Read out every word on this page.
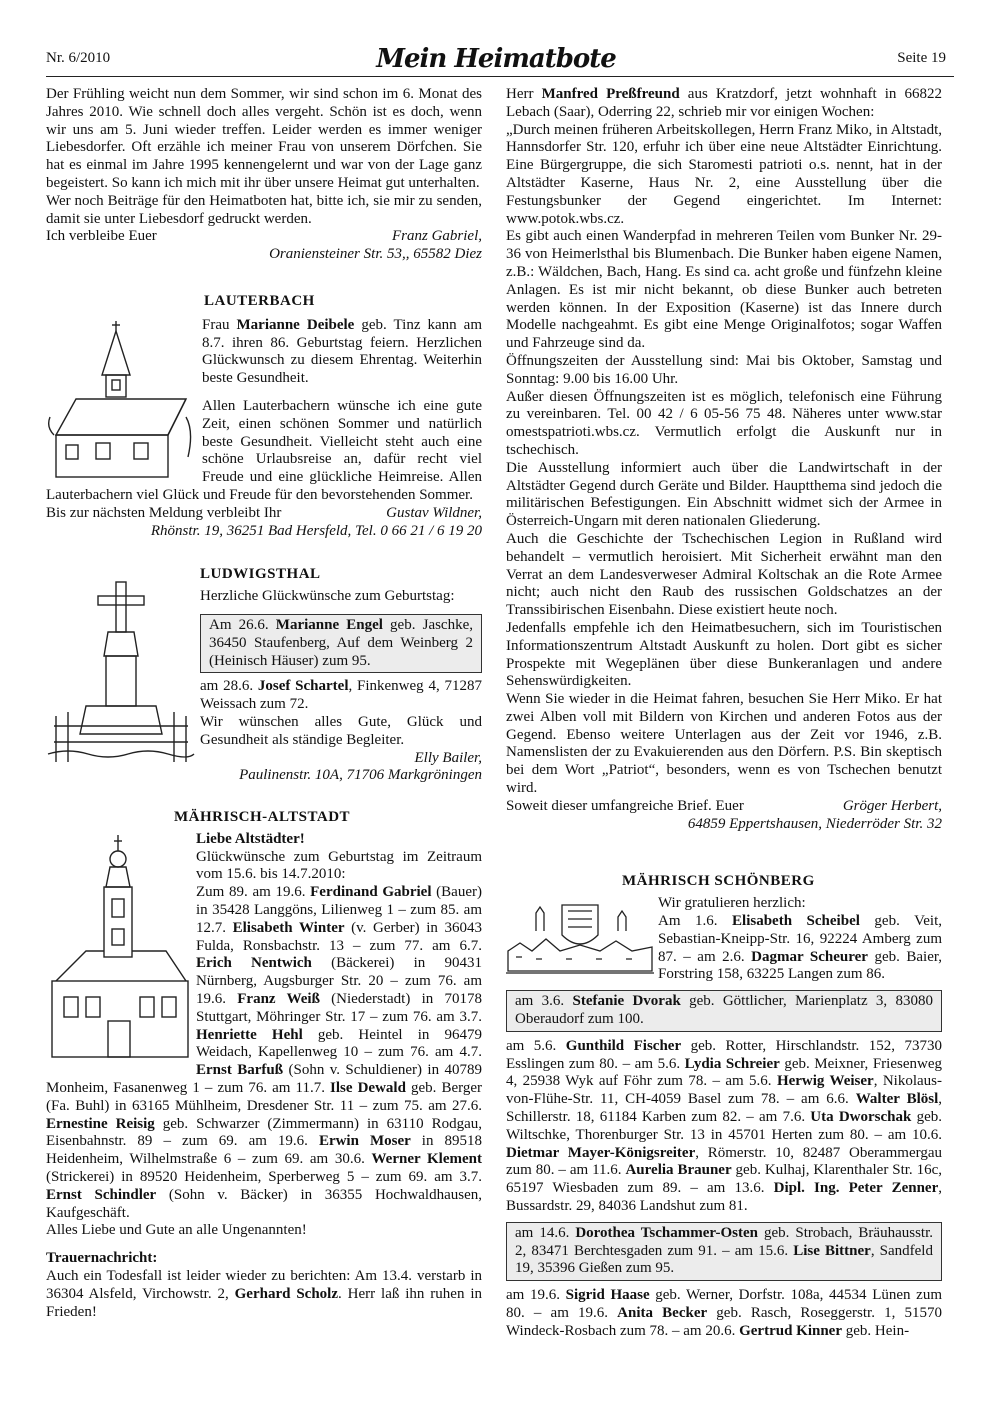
Nr. 6/2010	Mein Heimatbote	Seite 19

Der Frühling weicht nun dem Sommer, wir sind schon im 6. Monat des Jahres 2010. Wie schnell doch alles vergeht. Schön ist es doch, wenn wir uns am 5. Juni wieder treffen. Leider werden es immer weniger Liebesdorfer. Oft erzähle ich meiner Frau von unserem Dörfchen. Sie hat es einmal im Jahre 1995 kennengelernt und war von der Lage ganz begeistert. So kann ich mich mit ihr über unsere Heimat gut unterhalten.

Wer noch Beiträge für den Heimatboten hat, bitte ich, sie mir zu senden, damit sie unter Liebesdorf gedruckt werden.

Ich verbleibe Euer	Franz Gabriel,

Oraniensteiner Str. 53,, 65582 Diez

LAUTERBACH

Frau Marianne Deibele geb. Tinz kann am 8.7. ihren 86. Geburtstag feiern. Herzlichen Glückwunsch zu diesem Ehrentag. Weiterhin beste Gesundheit.

Allen Lauterbachern wünsche ich eine gute Zeit, einen schönen Sommer und natürlich beste Gesundheit. Vielleicht steht auch eine schöne Urlaubsreise an, dafür recht viel Freude und eine glückliche Heimreise. Allen Lauterbachern viel Glück und Freude für den bevorstehenden Sommer.

Bis zur nächsten Meldung verbleibt Ihr	Gustav Wildner,

Rhönstr. 19, 36251 Bad Hersfeld, Tel. 0 66 21 / 6 19 20

LUDWIGSTHAL

Herzliche Glückwünsche zum Geburtstag:

Am 26.6. Marianne Engel geb. Jaschke, 36450 Staufenberg, Auf dem Weinberg 2 (Heinisch Häuser) zum 95.

am 28.6. Josef Schartel, Finkenweg 4, 71287 Weissach zum 72.

Wir wünschen alles Gute, Glück und Gesundheit als ständige Begleiter.

Elly Bailer,

Paulinenstr. 10A, 71706 Markgröningen

MÄHRISCH-ALTSTADT

Liebe Altstädter!

Glückwünsche zum Geburtstag im Zeitraum vom 15.6. bis 14.7.2010:

Zum 89. am 19.6. Ferdinand Gabriel (Bauer) in 35428 Langgöns, Lilienweg 1 – zum 85. am 12.7. Elisabeth Winter (v. Gerber) in 36043 Fulda, Ronsbachstr. 13 – zum 77. am 6.7. Erich Nentwich (Bäckerei) in 90431 Nürnberg, Augsburger Str. 20 – zum 76. am 19.6. Franz Weiß (Niederstadt) in 70178 Stuttgart, Möhringer Str. 17 – zum 76. am 3.7. Henriette Hehl geb. Heintel in 96479 Weidach, Kapellenweg 10 – zum 76. am 4.7. Ernst Barfuß (Sohn v. Schuldiener) in 40789 Monheim, Fasanenweg 1 – zum 76. am 11.7. Ilse Dewald geb. Berger (Fa. Buhl) in 63165 Mühlheim, Dresdener Str. 11 – zum 75. am 27.6. Ernestine Reisig geb. Schwarzer (Zimmermann) in 63110 Rodgau, Eisenbahnstr. 89 – zum 69. am 19.6. Erwin Moser in 89518 Heidenheim, Wilhelmstraße 6 – zum 69. am 30.6. Werner Klement (Strickerei) in 89520 Heidenheim, Sperberweg 5 – zum 69. am 3.7. Ernst Schindler (Sohn v. Bäcker) in 36355 Hochwaldhausen, Kaufgeschäft.

Alles Liebe und Gute an alle Ungenannten!

Trauernachricht:

Auch ein Todesfall ist leider wieder zu berichten: Am 13.4. verstarb in 36304 Alsfeld, Virchowstr. 2, Gerhard Scholz. Herr laß ihn ruhen in Frieden!

Herr Manfred Preßfreund aus Kratzdorf, jetzt wohnhaft in 66822 Lebach (Saar), Oderring 22, schrieb mir vor einigen Wochen:

„Durch meinen früheren Arbeitskollegen, Herrn Franz Miko, in Altstadt, Hannsdorfer Str. 120, erfuhr ich über eine neue Altstädter Einrichtung. Eine Bürgergruppe, die sich Staromesti patrioti o.s. nennt, hat in der Altstädter Kaserne, Haus Nr. 2, eine Ausstellung über die Festungsbunker der Gegend eingerichtet. Im Internet: www.potok.wbs.cz.

Es gibt auch einen Wanderpfad in mehreren Teilen vom Bunker Nr. 29-36 von Heimerlsthal bis Blumenbach. Die Bunker haben eigene Namen, z.B.: Wäldchen, Bach, Hang. Es sind ca. acht große und fünfzehn kleine Anlagen. Es ist mir nicht bekannt, ob diese Bunker auch betreten werden können. In der Exposition (Kaserne) ist das Innere durch Modelle nachgeahmt. Es gibt eine Menge Originalfotos; sogar Waffen und Fahrzeuge sind da.

Öffnungszeiten der Ausstellung sind: Mai bis Oktober, Samstag und Sonntag: 9.00 bis 16.00 Uhr.

Außer diesen Öffnungszeiten ist es möglich, telefonisch eine Führung zu vereinbaren. Tel. 00 42 / 6 05-56 75 48. Näheres unter www.star omestspatrioti.wbs.cz. Vermutlich erfolgt die Auskunft nur in tschechisch.

Die Ausstellung informiert auch über die Landwirtschaft in der Altstädter Gegend durch Geräte und Bilder. Hauptthema sind jedoch die militärischen Befestigungen. Ein Abschnitt widmet sich der Armee in Österreich-Ungarn mit deren nationalen Gliederung.

Auch die Geschichte der Tschechischen Legion in Rußland wird behandelt – vermutlich heroisiert. Mit Sicherheit erwähnt man den Verrat an dem Landesverweser Admiral Koltschak an die Rote Armee nicht; auch nicht den Raub des russischen Goldschatzes an der Transsibirischen Eisenbahn. Diese existiert heute noch.

Jedenfalls empfehle ich den Heimatbesuchern, sich im Touristischen Informationszentrum Altstadt Auskunft zu holen. Dort gibt es sicher Prospekte mit Wegeplänen über diese Bunkeranlagen und andere Sehenswürdigkeiten.

Wenn Sie wieder in die Heimat fahren, besuchen Sie Herr Miko. Er hat zwei Alben voll mit Bildern von Kirchen und anderen Fotos aus der Gegend. Ebenso weitere Unterlagen aus der Zeit vor 1946, z.B. Namenslisten der zu Evakuierenden aus den Dörfern. P.S. Bin skeptisch bei dem Wort „Patriot“, besonders, wenn es von Tschechen benutzt wird.

Soweit dieser umfangreiche Brief. Euer	Gröger Herbert,

64859 Eppertshausen, Niederröder Str. 32

MÄHRISCH SCHÖNBERG

Wir gratulieren herzlich:

Am 1.6. Elisabeth Scheibel geb. Veit, Sebastian-Kneipp-Str. 16, 92224 Amberg zum 87. – am 2.6. Dagmar Scheurer geb. Baier, Forstring 158, 63225 Langen zum 86.

am 3.6. Stefanie Dvorak geb. Göttlicher, Marienplatz 3, 83080 Oberaudorf zum 100.

am 5.6. Gunthild Fischer geb. Rotter, Hirschlandstr. 152, 73730 Esslingen zum 80. – am 5.6. Lydia Schreier geb. Meixner, Friesenweg 4, 25938 Wyk auf Föhr zum 78. – am 5.6. Herwig Weiser, Nikolaus-von-Flühe-Str. 11, CH-4059 Basel zum 78. – am 6.6. Walter Blösl, Schillerstr. 18, 61184 Karben zum 82. – am 7.6. Uta Dworschak geb. Wiltschke, Thorenburger Str. 13 in 45701 Herten zum 80. – am 10.6. Dietmar Mayer-Königsreiter, Römerstr. 10, 82487 Oberammergau zum 80. – am 11.6. Aurelia Brauner geb. Kulhaj, Klarenthaler Str. 16c, 65197 Wiesbaden zum 89. – am 13.6. Dipl. Ing. Peter Zenner, Bussardstr. 29, 84036 Landshut zum 81.

am 14.6. Dorothea Tschammer-Osten geb. Strobach, Bräuhausstr. 2, 83471 Berchtesgaden zum 91. – am 15.6. Lise Bittner, Sandfeld 19, 35396 Gießen zum 95.

am 19.6. Sigrid Haase geb. Werner, Dorfstr. 108a, 44534 Lünen zum 80. – am 19.6. Anita Becker geb. Rasch, Roseggerstr. 1, 51570 Windeck-Rosbach zum 78. – am 20.6. Gertrud Kinner geb. Hein-
